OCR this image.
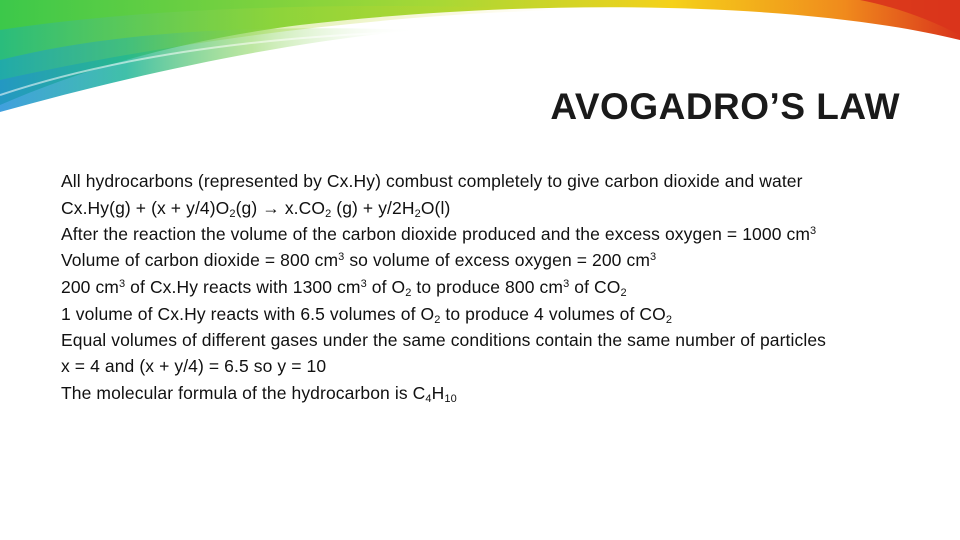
AVOGADRO’S LAW
All hydrocarbons (represented by Cx.Hy) combust completely to give carbon dioxide and water
$Cx.Hy(g) + (x + y/4)O_2(g) \to x.CO_2$ $(g) + y/2H_2O(l)$
After the reaction the volume of the carbon dioxide produced and the excess oxygen = 1000 $cm^3$
Volume of carbon dioxide = 800 $cm^3$ so volume of excess oxygen = 200 $cm^3$
200 $cm^3$ of Cx.Hy reacts with 1300 $cm^3$ of $O_2$ to produce 800 $cm^3$ of $CO_2$
1 volume of Cx.Hy reacts with 6.5 volumes of $O_2$ to produce 4 volumes of $CO_2$
Equal volumes of different gases under the same conditions contain the same number of particles
x = 4 and (x + y/4) = 6.5 so y = 10
The molecular formula of the hydrocarbon is $C_4H_{10}$
